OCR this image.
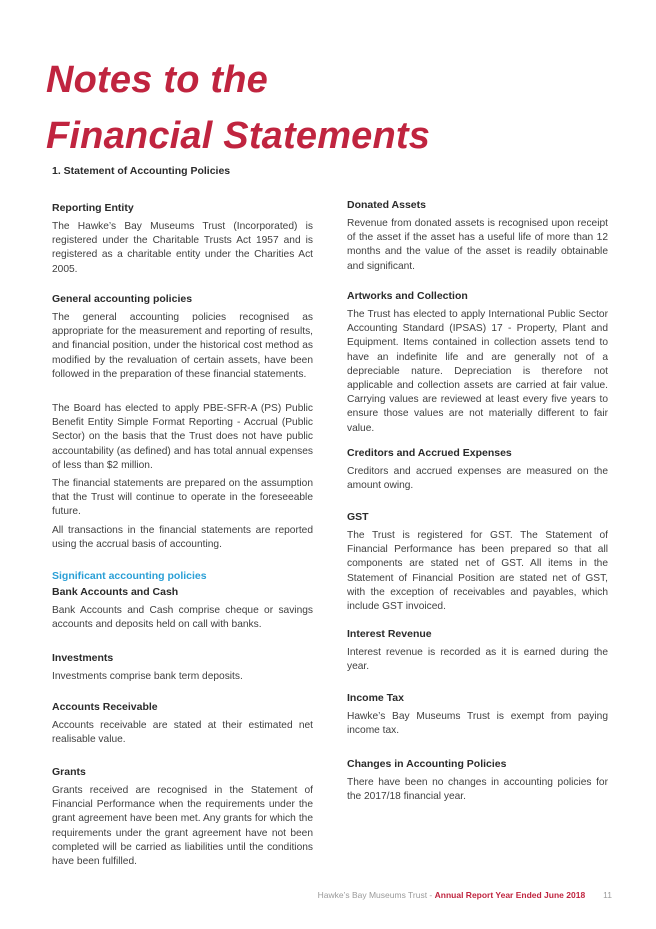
Notes to the
Financial Statements
1. Statement of Accounting Policies
Reporting Entity

The Hawke’s Bay Museums Trust (Incorporated) is registered under the Charitable Trusts Act 1957 and is registered as a charitable entity under the Charities Act 2005.

General accounting policies

The general accounting policies recognised as appropriate for the measurement and reporting of results, and financial position, under the historical cost method as modified by the revaluation of certain assets, have been followed in the preparation of these financial statements.

The Board has elected to apply PBE-SFR-A (PS) Public Benefit Entity Simple Format Reporting - Accrual (Public Sector) on the basis that the Trust does not have public accountability (as defined) and has total annual expenses of less than $2 million.

The financial statements are prepared on the assumption that the Trust will continue to operate in the foreseeable future.

All transactions in the financial statements are reported using the accrual basis of accounting.

Significant accounting policies
Bank Accounts and Cash

Bank Accounts and Cash comprise cheque or savings accounts and deposits held on call with banks.

Investments

Investments comprise bank term deposits.

Accounts Receivable

Accounts receivable are stated at their estimated net realisable value.

Grants

Grants received are recognised in the Statement of Financial Performance when the requirements under the grant agreement have been met. Any grants for which the requirements under the grant agreement have not been completed will be carried as liabilities until the conditions have been fulfilled.

Donated Assets

Revenue from donated assets is recognised upon receipt of the asset if the asset has a useful life of more than 12 months and the value of the asset is readily obtainable and significant.

Artworks and Collection

The Trust has elected to apply International Public Sector Accounting Standard (IPSAS) 17 - Property, Plant and Equipment. Items contained in collection assets tend to have an indefinite life and are generally not of a depreciable nature. Depreciation is therefore not applicable and collection assets are carried at fair value. Carrying values are reviewed at least every five years to ensure those values are not materially different to fair value.

Creditors and Accrued Expenses

Creditors and accrued expenses are measured on the amount owing.

GST

The Trust is registered for GST. The Statement of Financial Performance has been prepared so that all components are stated net of GST. All items in the Statement of Financial Position are stated net of GST, with the exception of receivables and payables, which include GST invoiced.

Interest Revenue

Interest revenue is recorded as it is earned during the year.

Income Tax

Hawke’s Bay Museums Trust is exempt from paying income tax.

Changes in Accounting Policies

There have been no changes in accounting policies for the 2017/18 financial year.

Hawke’s Bay Museums Trust - Annual Report Year Ended June 2018 11
